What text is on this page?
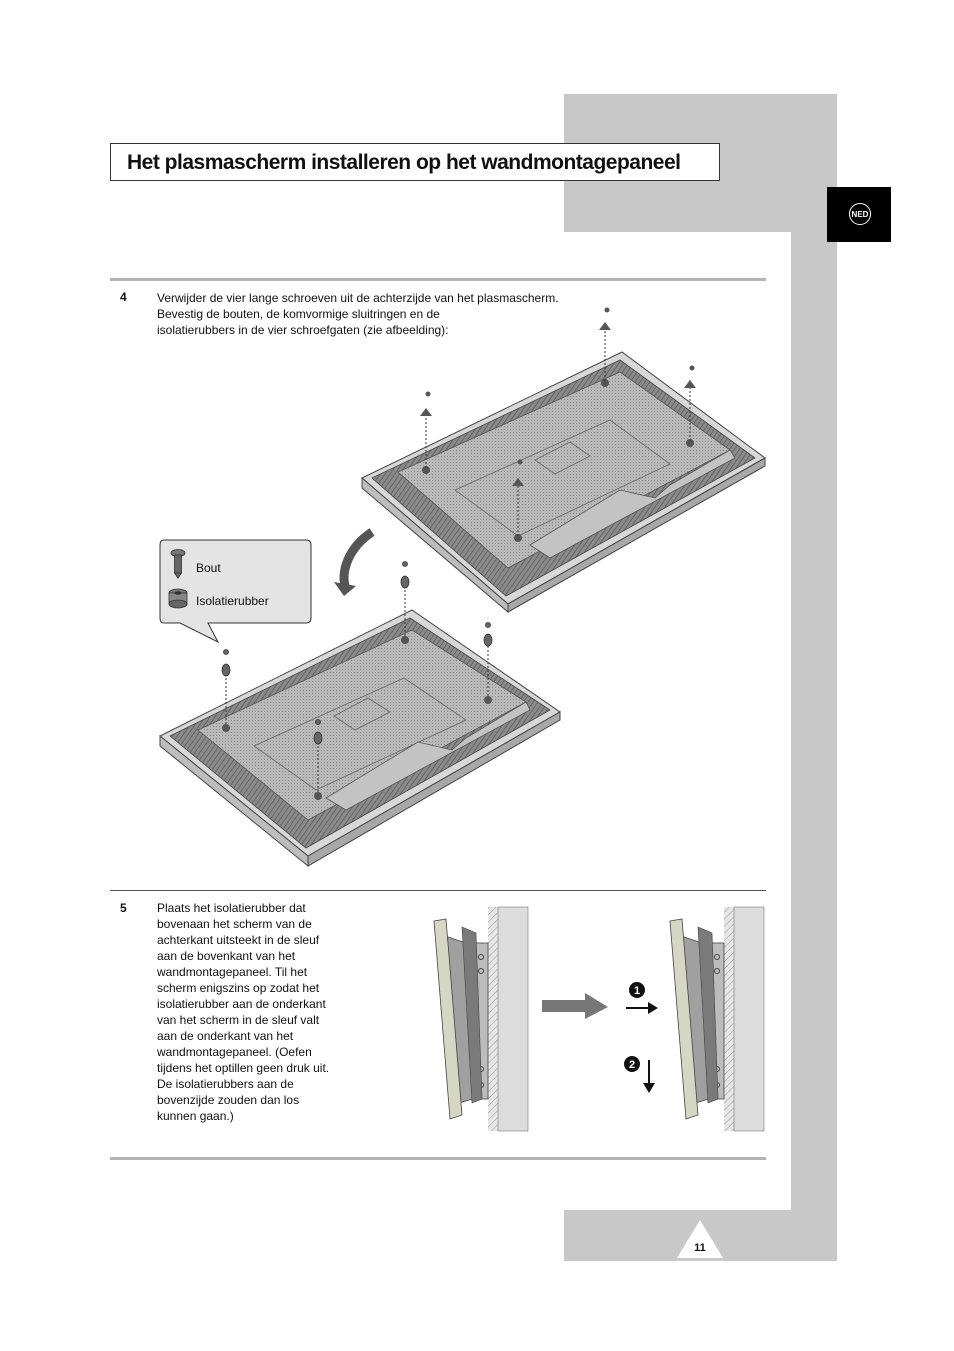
Het plasmascherm installeren op het wandmontagepaneel
NED
4	Verwijder de vier lange schroeven uit de achterzijde van het plasmascherm.
Bevestig de bouten, de komvormige sluitringen en de
isolatierubbers in de vier schroefgaten (zie afbeelding):
Bout
Isolatierubber
5	Plaats het isolatierubber dat
bovenaan het scherm van de
achterkant uitsteekt in de sleuf
aan de bovenkant van het
wandmontagepaneel. Til het
scherm enigszins op zodat het
isolatierubber aan de onderkant
van het scherm in de sleuf valt
aan de onderkant van het
wandmontagepaneel. (Oefen
tijdens het optillen geen druk uit.
De isolatierubbers aan de
bovenzijde zouden dan los
kunnen gaan.)
1
2
11
